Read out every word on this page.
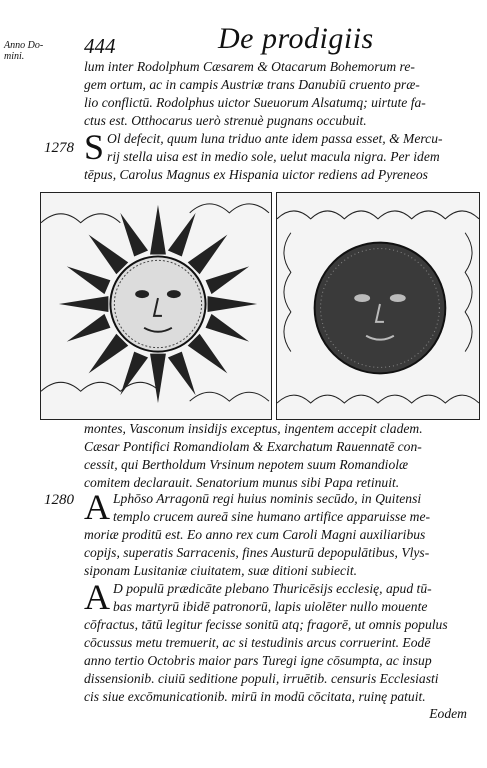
Anno Do- mini.	444	De prodigiis
lum inter Rodolphum Cæsarem & Otacarum Bohemorum re-
gem ortum, ac in campis Austriæ trans Danubiū cruento præ-
lio conflictū. Rodolphus uictor Sueuorum Alsatumq; uirtute fa-
ctus est. Otthocarus uerò strenuè pugnans occubuit.
1278 S Ol defecit, quum luna triduo ante idem passa esset, & Mercu-
rij stella uisa est in medio sole, uelut macula nigra. Per idem
tēpus, Carolus Magnus ex Hispania uictor rediens ad Pyreneos
montes, Vasconum insidijs exceptus, ingentem accepit cladem.
Cæsar Pontifici Romandiolam & Exarchatum Rauennatē con-
cessit, qui Bertholdum Vrsinum nepotem suum Romandiolæ
comitem declarauit. Senatorium munus sibi Papa retinuit.
1280 A Lphōso Arragonū regi huius nominis secūdo, in Quitensi
templo crucem aureā sine humano artifice apparuisse me-
moriæ proditū est. Eo anno rex cum Caroli Magni auxiliaribus
copijs, superatis Sarracenis, fines Austurū depopulātibus, Vlys-
siponam Lusitaniæ ciuitatem, suæ ditioni subiecit.
A D populū prædicāte plebano Thuricēsijs ecclesię, apud tū-
bas martyrū ibidē patronorū, lapis uiolēter nullo mouente
cōfractus, tātū legitur fecisse sonitū atq; fragorē, ut omnis populus
cōcussus metu tremuerit, ac si testudinis arcus corruerint. Eodē
anno tertio Octobris maior pars Turegi igne cōsumpta, ac insup
dissensionib. ciuiū seditione populi, irruētib. censuris Ecclesiasti
cis siue excōmunicationib. mirū in modū cōcitata, ruinę patuit.
Eodem
